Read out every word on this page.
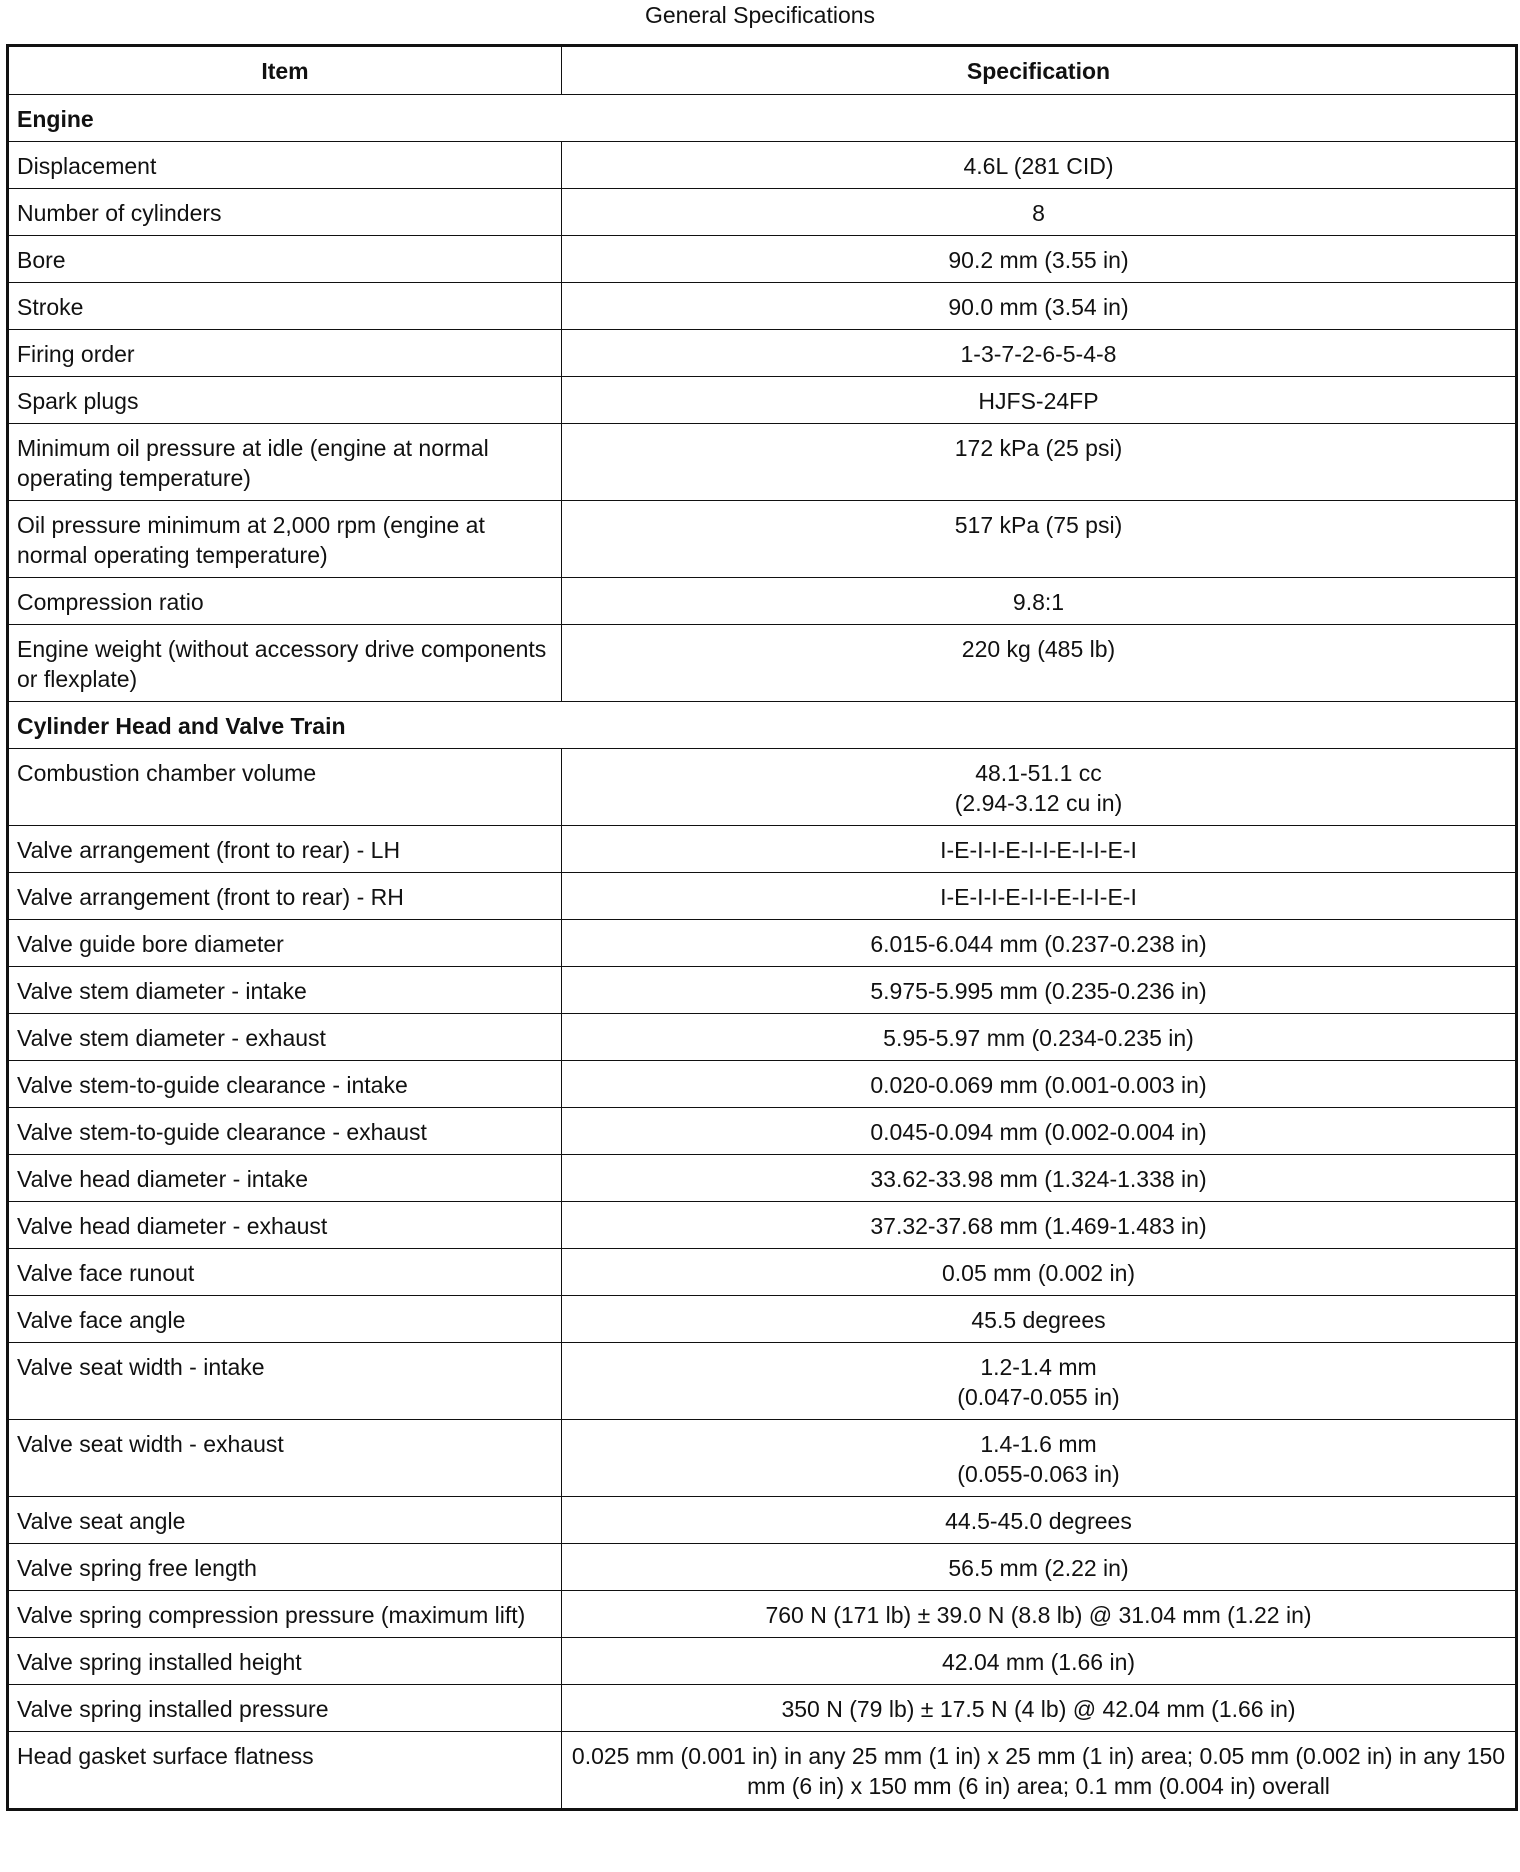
General Specifications
Item	Specification
Engine	
Displacement	4.6L (281 CID)

Number of cylinders	8

Bore	90.2 mm (3.55 in)

Stroke	90.0 mm (3.54 in)

Firing order	1-3-7-2-6-5-4-8

Spark plugs	HJFS-24FP

Minimum oil pressure at idle (engine at normal operating temperature)	172 kPa (25 psi)

Oil pressure minimum at 2,000 rpm (engine at normal operating temperature)	517 kPa (75 psi)

Compression ratio	9.8:1

Engine weight (without accessory drive components or flexplate)	220 kg (485 lb)

Cylinder Head and Valve Train	
Combustion chamber volume	48.1-51.1 cc
(2.94-3.12 cu in)

Valve arrangement (front to rear) - LH	I-E-I-I-E-I-I-E-I-I-E-I

Valve arrangement (front to rear) - RH	I-E-I-I-E-I-I-E-I-I-E-I

Valve guide bore diameter	6.015-6.044 mm (0.237-0.238 in)

Valve stem diameter - intake	5.975-5.995 mm (0.235-0.236 in)

Valve stem diameter - exhaust	5.95-5.97 mm (0.234-0.235 in)

Valve stem-to-guide clearance - intake	0.020-0.069 mm (0.001-0.003 in)

Valve stem-to-guide clearance - exhaust	0.045-0.094 mm (0.002-0.004 in)

Valve head diameter - intake	33.62-33.98 mm (1.324-1.338 in)

Valve head diameter - exhaust	37.32-37.68 mm (1.469-1.483 in)

Valve face runout	0.05 mm (0.002 in)

Valve face angle	45.5 degrees

Valve seat width - intake	1.2-1.4 mm
(0.047-0.055 in)

Valve seat width - exhaust	1.4-1.6 mm
(0.055-0.063 in)

Valve seat angle	44.5-45.0 degrees

Valve spring free length	56.5 mm (2.22 in)

Valve spring compression pressure (maximum lift)	760 N (171 lb) ± 39.0 N (8.8 lb) @ 31.04 mm (1.22 in)

Valve spring installed height	42.04 mm (1.66 in)

Valve spring installed pressure	350 N (79 lb) ± 17.5 N (4 lb) @ 42.04 mm (1.66 in)

Head gasket surface flatness	0.025 mm (0.001 in) in any 25 mm (1 in) x 25 mm (1 in) area; 0.05 mm (0.002 in) in any 150 mm (6 in) x 150 mm (6 in) area; 0.1 mm (0.004 in) overall
